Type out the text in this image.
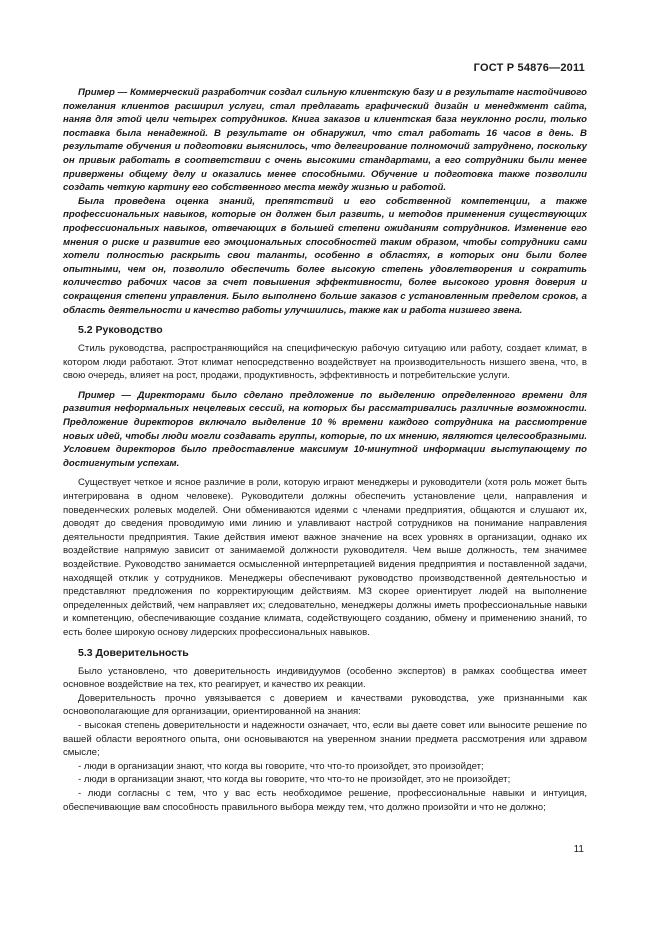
ГОСТ Р 54876—2011

Пример — Коммерческий разработчик создал сильную клиентскую базу и в результате настойчивого пожелания клиентов расширил услуги, стал предлагать графический дизайн и менеджмент сайта, наняв для этой цели четырех сотрудников. Книга заказов и клиентская база неуклонно росли, только поставка была ненадежной. В результате он обнаружил, что стал работать 16 часов в день. В результате обучения и подготовки выяснилось, что делегирование полномочий затруднено, поскольку он привык работать в соответствии с очень высокими стандартами, а его сотрудники были менее привержены общему делу и оказались менее способными. Обучение и подготовка также позволили создать четкую картину его собственного места между жизнью и работой.

Была проведена оценка знаний, препятствий и его собственной компетенции, а также профессиональных навыков, которые он должен был развить, и методов применения существующих профессиональных навыков, отвечающих в большей степени ожиданиям сотрудников. Изменение его мнения о риске и развитие его эмоциональных способностей таким образом, чтобы сотрудники сами хотели полностью раскрыть свои таланты, особенно в областях, в которых они были более опытными, чем он, позволило обеспечить более высокую степень удовлетворения и сократить количество рабочих часов за счет повышения эффективности, более высокого уровня доверия и сокращения степени управления. Было выполнено больше заказов с установленным пределом сроков, а область деятельности и качество работы улучшились, также как и работа низшего звена.

5.2 Руководство

Стиль руководства, распространяющийся на специфическую рабочую ситуацию или работу, создает климат, в котором люди работают. Этот климат непосредственно воздействует на производительность низшего звена, что, в свою очередь, влияет на рост, продажи, продуктивность, эффективность и потребительские услуги.

Пример — Директорами было сделано предложение по выделению определенного времени для развития неформальных нецелевых сессий, на которых бы рассматривались различные возможности. Предложение директоров включало выделение 10 % времени каждого сотрудника на рассмотрение новых идей, чтобы люди могли создавать группы, которые, по их мнению, являются целесообразными. Условием директоров было предоставление максимум 10-минутной информации выступающему по достигнутым успехам.

Существует четкое и ясное различие в роли, которую играют менеджеры и руководители (хотя роль может быть интегрирована в одном человеке). Руководители должны обеспечить установление цели, направления и поведенческих ролевых моделей. Они обмениваются идеями с членами предприятия, общаются и слушают их, доводят до сведения проводимую ими линию и улавливают настрой сотрудников на понимание направления деятельности предприятия. Такие действия имеют важное значение на всех уровнях в организации, однако их воздействие напрямую зависит от занимаемой должности руководителя. Чем выше должность, тем значимее воздействие. Руководство занимается осмысленной интерпретацией видения предприятия и поставленной задачи, находящей отклик у сотрудников. Менеджеры обеспечивают руководство производственной деятельностью и представляют предложения по корректирующим действиям. МЗ скорее ориентирует людей на выполнение определенных действий, чем направляет их; следовательно, менеджеры должны иметь профессиональные навыки и компетенцию, обеспечивающие создание климата, содействующего созданию, обмену и применению знаний, то есть более широкую основу лидерских профессиональных навыков.

5.3 Доверительность

Было установлено, что доверительность индивидуумов (особенно экспертов) в рамках сообщества имеет основное воздействие на тех, кто реагирует, и качество их реакции.

Доверительность прочно увязывается с доверием и качествами руководства, уже признанными как основополагающие для организации, ориентированной на знания:

- высокая степень доверительности и надежности означает, что, если вы даете совет или выносите решение по вашей области вероятного опыта, они основываются на уверенном знании предмета рассмотрения или здравом смысле;

- люди в организации знают, что когда вы говорите, что что-то произойдет, это произойдет;

- люди в организации знают, что когда вы говорите, что что-то не произойдет, это не произойдет;

- люди согласны с тем, что у вас есть необходимое решение, профессиональные навыки и интуиция, обеспечивающие вам способность правильного выбора между тем, что должно произойти и что не должно;

11
